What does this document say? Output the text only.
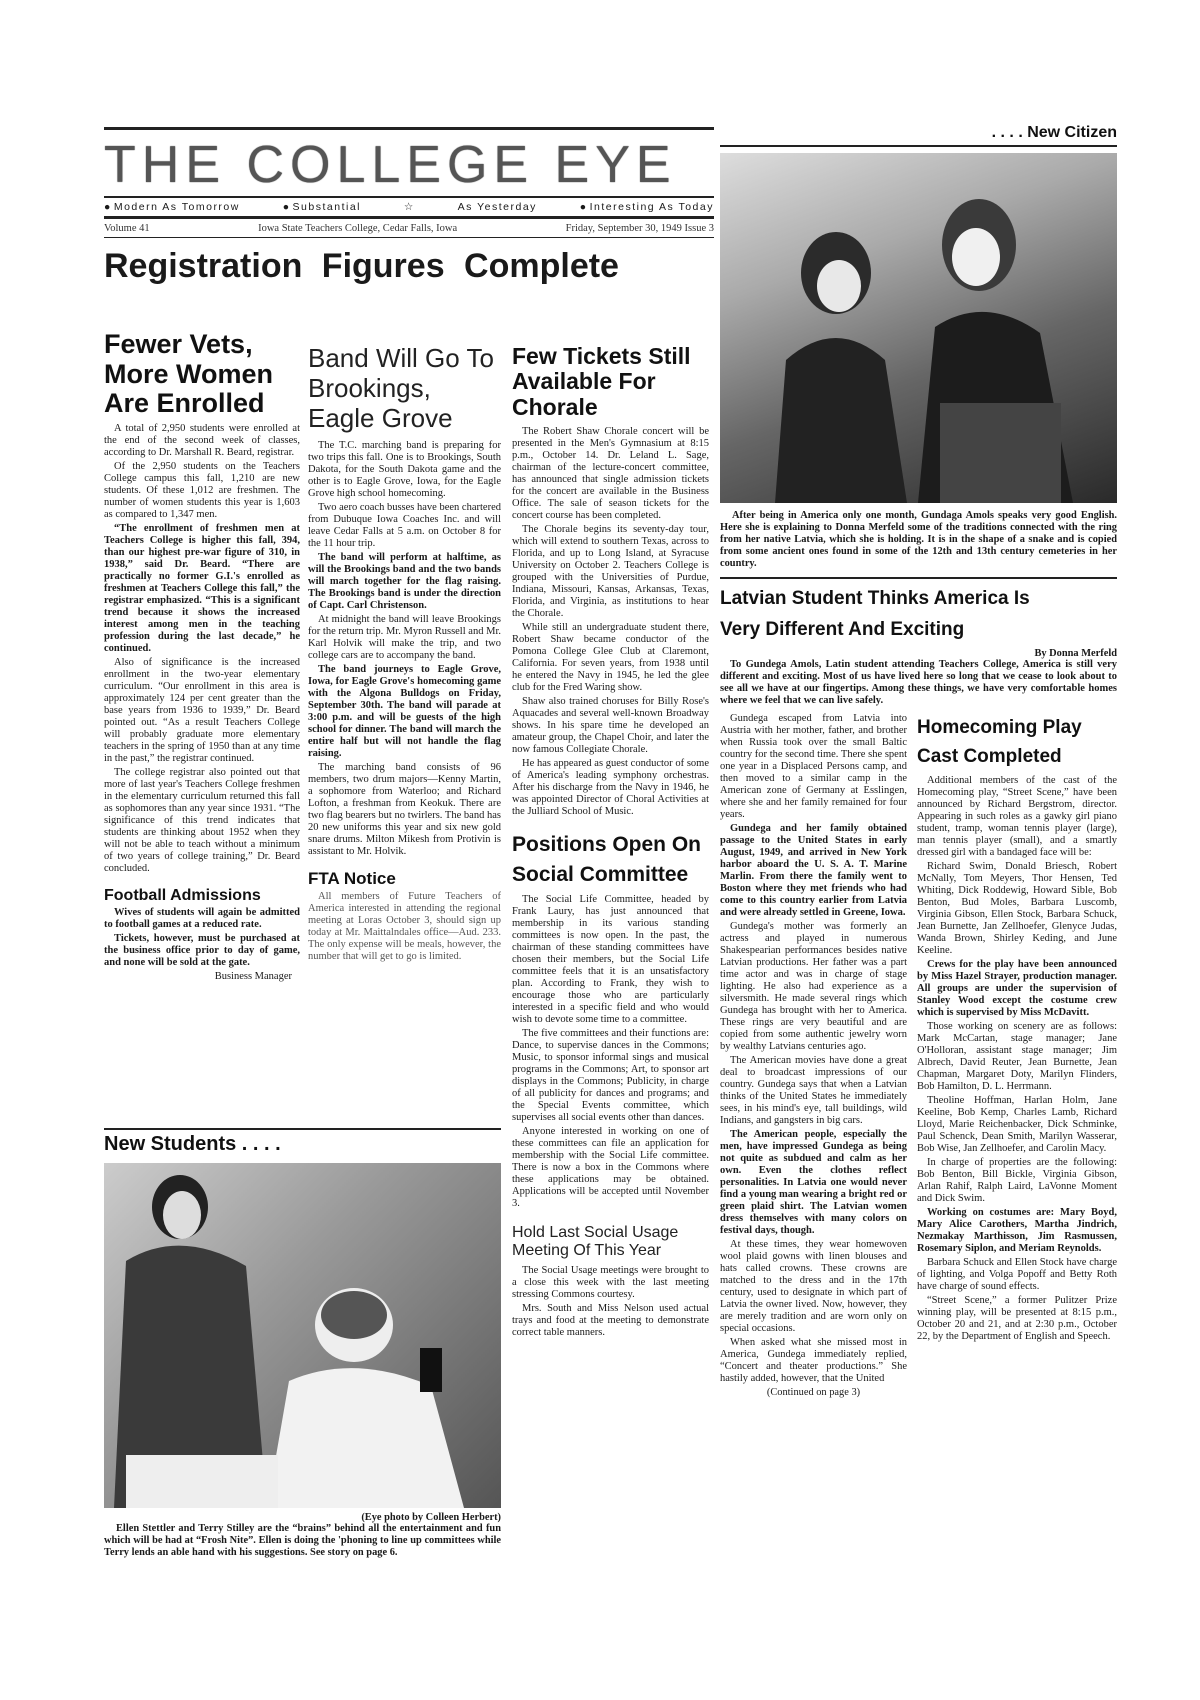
THE COLLEGE EYE
● Modern As Tomorrow	● Substantial	☆	As Yesterday	● Interesting As Today
Volume 41	Iowa State Teachers College, Cedar Falls, Iowa	Friday, September 30, 1949 Issue 3
Registration Figures Complete
Fewer Vets, More Women Are Enrolled

A total of 2,950 students were enrolled at the end of the second week of classes, according to Dr. Marshall R. Beard, registrar.

Of the 2,950 students on the Teachers College campus this fall, 1,210 are new students. Of these 1,012 are freshmen. The number of women students this year is 1,603 as compared to 1,347 men.

“The enrollment of freshmen men at Teachers College is higher this fall, 394, than our highest pre-war figure of 310, in 1938,” said Dr. Beard. “There are practically no former G.I.'s enrolled as freshmen at Teachers College this fall,” the registrar emphasized. “This is a significant trend because it shows the increased interest among men in the teaching profession during the last decade,” he continued.

Also of significance is the increased enrollment in the two-year elementary curriculum. “Our enrollment in this area is approximately 124 per cent greater than the base years from 1936 to 1939,” Dr. Beard pointed out. “As a result Teachers College will probably graduate more elementary teachers in the spring of 1950 than at any time in the past,” the registrar continued.

The college registrar also pointed out that more of last year's Teachers College freshmen in the elementary curriculum returned this fall as sophomores than any year since 1931. “The significance of this trend indicates that students are thinking about 1952 when they will not be able to teach without a minimum of two years of college training,” Dr. Beard concluded.

Football Admissions

Wives of students will again be admitted to football games at a reduced rate.

Tickets, however, must be purchased at the business office prior to day of game, and none will be sold at the gate.

Business Manager
Band Will Go To Brookings, Eagle Grove

The T.C. marching band is preparing for two trips this fall. One is to Brookings, South Dakota, for the South Dakota game and the other is to Eagle Grove, Iowa, for the Eagle Grove high school homecoming.

Two aero coach busses have been chartered from Dubuque Iowa Coaches Inc. and will leave Cedar Falls at 5 a.m. on October 8 for the 11 hour trip.

The band will perform at halftime, as will the Brookings band and the two bands will march together for the flag raising. The Brookings band is under the direction of Capt. Carl Christenson.

At midnight the band will leave Brookings for the return trip. Mr. Myron Russell and Mr. Karl Holvik will make the trip, and two college cars are to accompany the band.

The band journeys to Eagle Grove, Iowa, for Eagle Grove's homecoming game with the Algona Bulldogs on Friday, September 30th. The band will parade at 3:00 p.m. and will be guests of the high school for dinner. The band will march the entire half but will not handle the flag raising.

The marching band consists of 96 members, two drum majors—Kenny Martin, a sophomore from Waterloo; and Richard Lofton, a freshman from Keokuk. There are two flag bearers but no twirlers. The band has 20 new uniforms this year and six new gold snare drums. Milton Mikesh from Protivin is assistant to Mr. Holvik.

FTA Notice

All members of Future Teachers of America interested in attending the regional meeting at Loras October 3, should sign up today at Mr. Maittalndales office—Aud. 233. The only expense will be meals, however, the number that will get to go is limited.

Few Tickets Still Available For Chorale

The Robert Shaw Chorale concert will be presented in the Men's Gymnasium at 8:15 p.m., October 14. Dr. Leland L. Sage, chairman of the lecture-concert committee, has announced that single admission tickets for the concert are available in the Business Office. The sale of season tickets for the concert course has been completed.

The Chorale begins its seventy-day tour, which will extend to southern Texas, across to Florida, and up to Long Island, at Syracuse University on October 2. Teachers College is grouped with the Universities of Purdue, Indiana, Missouri, Kansas, Arkansas, Texas, Florida, and Virginia, as institutions to hear the Chorale.

While still an undergraduate student there, Robert Shaw became conductor of the Pomona College Glee Club at Claremont, California. For seven years, from 1938 until he entered the Navy in 1945, he led the glee club for the Fred Waring show.

Shaw also trained choruses for Billy Rose's Aquacades and several well-known Broadway shows. In his spare time he developed an amateur group, the Chapel Choir, and later the now famous Collegiate Chorale.

He has appeared as guest conductor of some of America's leading symphony orchestras. After his discharge from the Navy in 1946, he was appointed Director of Choral Activities at the Julliard School of Music.

Positions Open On Social Committee

The Social Life Committee, headed by Frank Laury, has just announced that membership in its various standing committees is now open. In the past, the chairman of these standing committees have chosen their members, but the Social Life committee feels that it is an unsatisfactory plan. According to Frank, they wish to encourage those who are particularly interested in a specific field and who would wish to devote some time to a committee.

The five committees and their functions are: Dance, to supervise dances in the Commons; Music, to sponsor informal sings and musical programs in the Commons; Art, to sponsor art displays in the Commons; Publicity, in charge of all publicity for dances and programs; and the Special Events committee, which supervises all social events other than dances.

Anyone interested in working on one of these committees can file an application for membership with the Social Life committee. There is now a box in the Commons where these applications may be obtained. Applications will be accepted until November 3.

Hold Last Social Usage Meeting Of This Year

The Social Usage meetings were brought to a close this week with the last meeting stressing Commons courtesy.

Mrs. South and Miss Nelson used actual trays and food at the meeting to demonstrate correct table manners.

New Students . . . .
(Eye photo by Colleen Herbert)
Ellen Stettler and Terry Stilley are the “brains” behind all the entertainment and fun which will be had at “Frosh Nite”. Ellen is doing the 'phoning to line up committees while Terry lends an able hand with his suggestions. See story on page 6.
. . . . New Citizen
After being in America only one month, Gundaga Amols speaks very good English. Here she is explaining to Donna Merfeld some of the traditions connected with the ring from her native Latvia, which she is holding. It is in the shape of a snake and is copied from some ancient ones found in some of the 12th and 13th century cemeteries in her country.
Latvian Student Thinks America Is Very Different And Exciting
By Donna Merfeld

To Gundega Amols, Latin student attending Teachers College, America is still very different and exciting. Most of us have lived here so long that we cease to look about to see all we have at our fingertips. Among these things, we have very comfortable homes where we feel that we can live safely.

Gundega escaped from Latvia into Austria with her mother, father, and brother when Russia took over the small Baltic country for the second time. There she spent one year in a Displaced Persons camp, and then moved to a similar camp in the American zone of Germany at Esslingen, where she and her family remained for four years.

Gundega and her family obtained passage to the United States in early August, 1949, and arrived in New York harbor aboard the U. S. A. T. Marine Marlin. From there the family went to Boston where they met friends who had come to this country earlier from Latvia and were already settled in Greene, Iowa.

Gundega's mother was formerly an actress and played in numerous Shakespearian performances besides native Latvian productions. Her father was a part time actor and was in charge of stage lighting. He also had experience as a silversmith. He made several rings which Gundega has brought with her to America. These rings are very beautiful and are copied from some authentic jewelry worn by wealthy Latvians centuries ago.

The American movies have done a great deal to broadcast impressions of our country. Gundega says that when a Latvian thinks of the United States he immediately sees, in his mind's eye, tall buildings, wild Indians, and gangsters in big cars.

The American people, especially the men, have impressed Gundega as being not quite as subdued and calm as her own. Even the clothes reflect personalities. In Latvia one would never find a young man wearing a bright red or green plaid shirt. The Latvian women dress themselves with many colors on festival days, though.

At these times, they wear homewoven wool plaid gowns with linen blouses and hats called crowns. These crowns are matched to the dress and in the 17th century, used to designate in which part of Latvia the owner lived. Now, however, they are merely tradition and are worn only on special occasions.

When asked what she missed most in America, Gundega immediately replied, “Concert and theater productions.” She hastily added, however, that the United

(Continued on page 3)
Homecoming Play Cast Completed

Additional members of the cast of the Homecoming play, “Street Scene,” have been announced by Richard Bergstrom, director. Appearing in such roles as a gawky girl piano student, tramp, woman tennis player (large), man tennis player (small), and a smartly dressed girl with a bandaged face will be:

Richard Swim, Donald Briesch, Robert McNally, Tom Meyers, Thor Hensen, Ted Whiting, Dick Roddewig, Howard Sible, Bob Benton, Bud Moles, Barbara Luscomb, Virginia Gibson, Ellen Stock, Barbara Schuck, Jean Burnette, Jan Zellhoefer, Glenyce Judas, Wanda Brown, Shirley Keding, and June Keeline.

Crews for the play have been announced by Miss Hazel Strayer, production manager. All groups are under the supervision of Stanley Wood except the costume crew which is supervised by Miss McDavitt.

Those working on scenery are as follows: Mark McCartan, stage manager; Jane O'Holloran, assistant stage manager; Jim Albrech, David Reuter, Jean Burnette, Jean Chapman, Margaret Doty, Marilyn Flinders, Bob Hamilton, D. L. Herrmann.

Theoline Hoffman, Harlan Holm, Jane Keeline, Bob Kemp, Charles Lamb, Richard Lloyd, Marie Reichenbacker, Dick Schminke, Paul Schenck, Dean Smith, Marilyn Wasserar, Bob Wise, Jan Zellhoefer, and Carolin Macy.

In charge of properties are the following: Bob Benton, Bill Bickle, Virginia Gibson, Arlan Rahif, Ralph Laird, LaVonne Moment and Dick Swim.

Working on costumes are: Mary Boyd, Mary Alice Carothers, Martha Jindrich, Nezmakay Marthisson, Jim Rasmussen, Rosemary Siplon, and Meriam Reynolds.

Barbara Schuck and Ellen Stock have charge of lighting, and Volga Popoff and Betty Roth have charge of sound effects.

“Street Scene,” a former Pulitzer Prize winning play, will be presented at 8:15 p.m., October 20 and 21, and at 2:30 p.m., October 22, by the Department of English and Speech.
